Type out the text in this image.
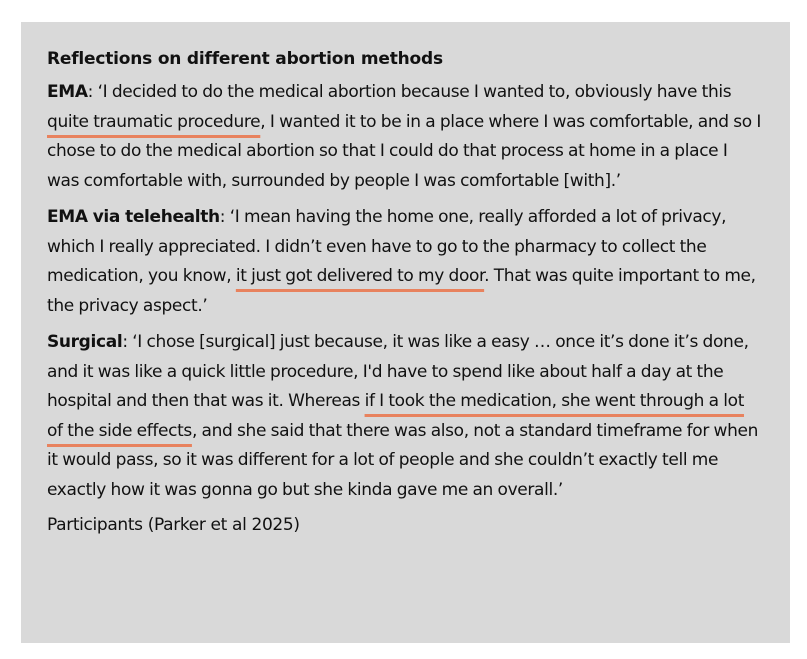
Reflections on different abortion methods

EMA: ‘I decided to do the medical abortion because I wanted to, obviously have this quite traumatic procedure, I wanted it to be in a place where I was comfortable, and so I chose to do the medical abortion so that I could do that process at home in a place I was comfortable with, surrounded by people I was comfortable [with].’

EMA via telehealth: ‘I mean having the home one, really afforded a lot of privacy, which I really appreciated. I didn’t even have to go to the pharmacy to collect the medication, you know, it just got delivered to my door. That was quite important to me, the privacy aspect.’

Surgical: ‘I chose [surgical] just because, it was like a easy … once it’s done it’s done, and it was like a quick little procedure, I'd have to spend like about half a day at the hospital and then that was it. Whereas if I took the medication, she went through a lot of the side effects, and she said that there was also, not a standard timeframe for when it would pass, so it was different for a lot of people and she couldn’t exactly tell me exactly how it was gonna go but she kinda gave me an overall.’

Participants (Parker et al 2025)
